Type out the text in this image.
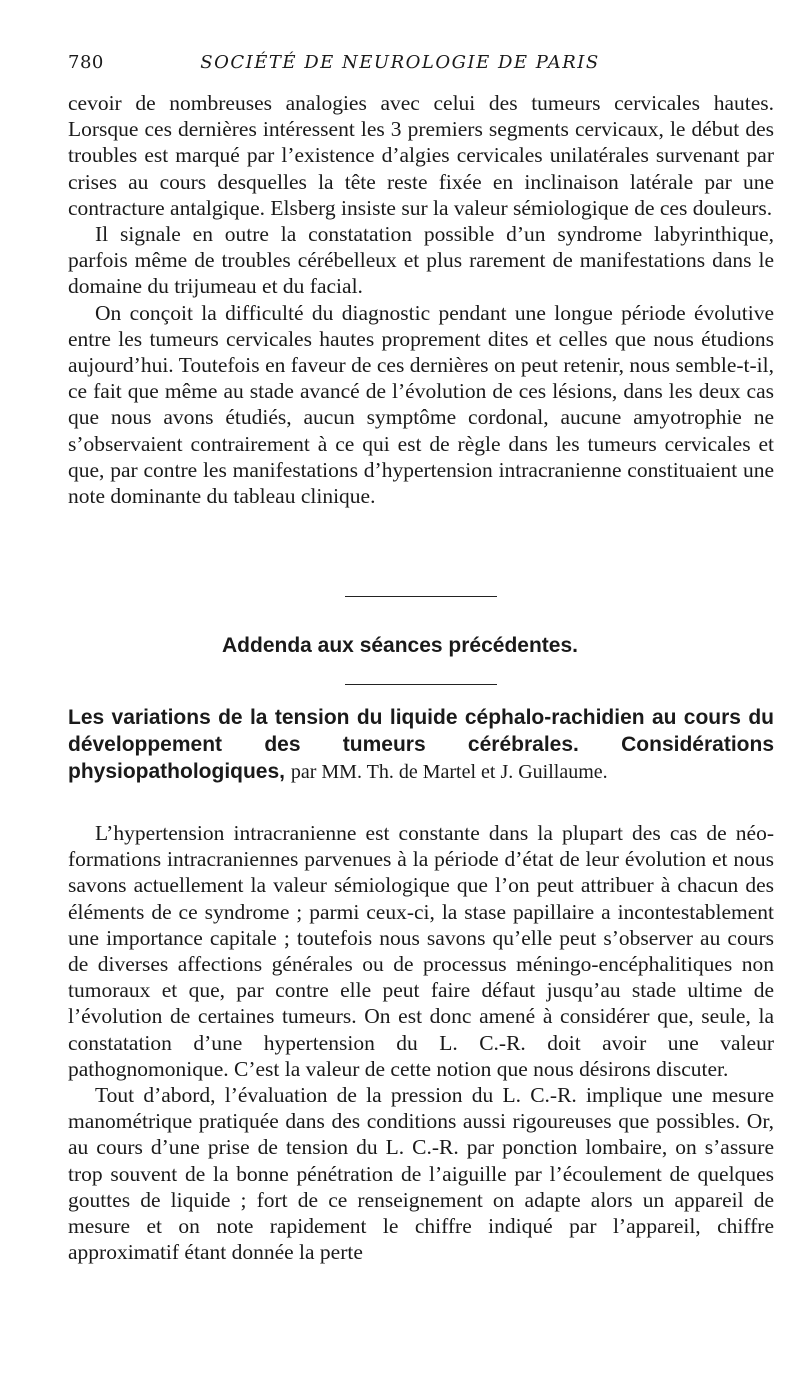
780	SOCIÉTÉ DE NEUROLOGIE DE PARIS

cevoir de nombreuses analogies avec celui des tumeurs cervicales hautes. Lorsque ces dernières intéressent les 3 premiers segments cervicaux, le début des troubles est marqué par l’existence d’algies cervicales unilatérales survenant par crises au cours desquelles la tête reste fixée en inclinaison latérale par une contracture antalgique. Elsberg insiste sur la valeur sémiologique de ces douleurs.

Il signale en outre la constatation possible d’un syndrome labyrinthique, parfois même de troubles cérébelleux et plus rarement de manifestations dans le domaine du trijumeau et du facial.

On conçoit la difficulté du diagnostic pendant une longue période évolutive entre les tumeurs cervicales hautes proprement dites et celles que nous étudions aujourd’hui. Toutefois en faveur de ces dernières on peut retenir, nous semble-t-il, ce fait que même au stade avancé de l’évolution de ces lésions, dans les deux cas que nous avons étudiés, aucun symptôme cordonal, aucune amyotrophie ne s’observaient contrairement à ce qui est de règle dans les tumeurs cervicales et que, par contre les manifestations d’hypertension intracranienne constituaient une note dominante du tableau clinique.

Addenda aux séances précédentes.
Les variations de la tension du liquide céphalo-rachidien au cours du développement des tumeurs cérébrales. Considérations physiopathologiques, par MM. Th. de Martel et J. Guillaume.

L’hypertension intracranienne est constante dans la plupart des cas de néo-formations intracraniennes parvenues à la période d’état de leur évolution et nous savons actuellement la valeur sémiologique que l’on peut attribuer à chacun des éléments de ce syndrome ; parmi ceux-ci, la stase papillaire a incontestablement une importance capitale ; toutefois nous savons qu’elle peut s’observer au cours de diverses affections générales ou de processus méningo-encéphalitiques non tumoraux et que, par contre elle peut faire défaut jusqu’au stade ultime de l’évolution de certaines tumeurs. On est donc amené à considérer que, seule, la constatation d’une hypertension du L. C.-R. doit avoir une valeur pathognomonique. C’est la valeur de cette notion que nous désirons discuter.

Tout d’abord, l’évaluation de la pression du L. C.-R. implique une mesure manométrique pratiquée dans des conditions aussi rigoureuses que possibles. Or, au cours d’une prise de tension du L. C.-R. par ponction lombaire, on s’assure trop souvent de la bonne pénétration de l’aiguille par l’écoulement de quelques gouttes de liquide ; fort de ce renseignement on adapte alors un appareil de mesure et on note rapidement le chiffre indiqué par l’appareil, chiffre approximatif étant donnée la perte
